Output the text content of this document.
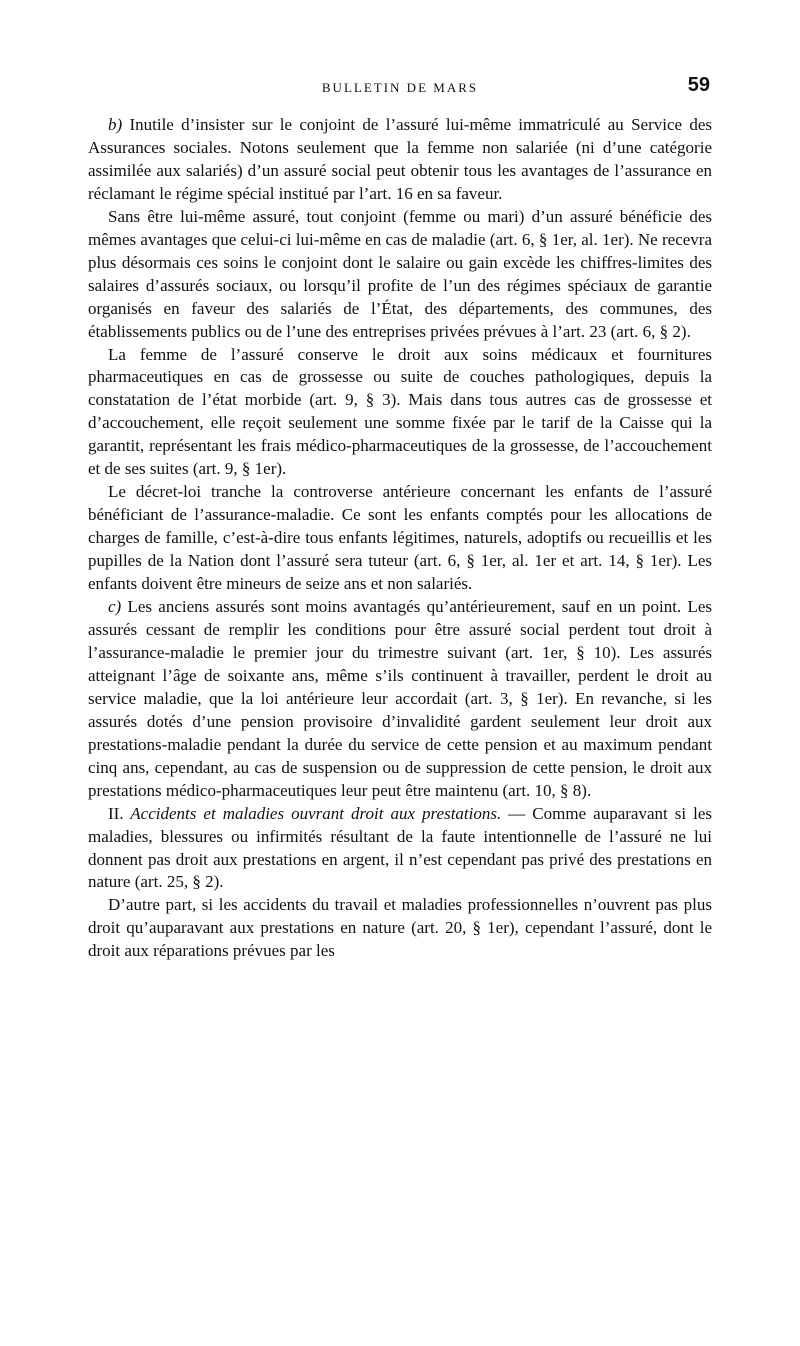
BULLETIN DE MARS	59

b) Inutile d’insister sur le conjoint de l’assuré lui-même immatriculé au Service des Assurances sociales. Notons seulement que la femme non salariée (ni d’une catégorie assimilée aux salariés) d’un assuré social peut obtenir tous les avantages de l’assurance en réclamant le régime spécial institué par l’art. 16 en sa faveur.

Sans être lui-même assuré, tout conjoint (femme ou mari) d’un assuré bénéficie des mêmes avantages que celui-ci lui-même en cas de maladie (art. 6, § 1er, al. 1er). Ne recevra plus désormais ces soins le conjoint dont le salaire ou gain excède les chiffres-limites des salaires d’assurés sociaux, ou lorsqu’il profite de l’un des régimes spéciaux de garantie organisés en faveur des salariés de l’État, des départements, des communes, des établissements publics ou de l’une des entreprises privées prévues à l’art. 23 (art. 6, § 2).

La femme de l’assuré conserve le droit aux soins médicaux et fournitures pharmaceutiques en cas de grossesse ou suite de couches pathologiques, depuis la constatation de l’état morbide (art. 9, § 3). Mais dans tous autres cas de grossesse et d’accouchement, elle reçoit seulement une somme fixée par le tarif de la Caisse qui la garantit, représentant les frais médico-pharmaceutiques de la grossesse, de l’accouchement et de ses suites (art. 9, § 1er).

Le décret-loi tranche la controverse antérieure concernant les enfants de l’assuré bénéficiant de l’assurance-maladie. Ce sont les enfants comptés pour les allocations de charges de famille, c’est-à-dire tous enfants légitimes, naturels, adoptifs ou recueillis et les pupilles de la Nation dont l’assuré sera tuteur (art. 6, § 1er, al. 1er et art. 14, § 1er). Les enfants doivent être mineurs de seize ans et non salariés.

c) Les anciens assurés sont moins avantagés qu’antérieurement, sauf en un point. Les assurés cessant de remplir les conditions pour être assuré social perdent tout droit à l’assurance-maladie le premier jour du trimestre suivant (art. 1er, § 10). Les assurés atteignant l’âge de soixante ans, même s’ils continuent à travailler, perdent le droit au service maladie, que la loi antérieure leur accordait (art. 3, § 1er). En revanche, si les assurés dotés d’une pension provisoire d’invalidité gardent seulement leur droit aux prestations-maladie pendant la durée du service de cette pension et au maximum pendant cinq ans, cependant, au cas de suspension ou de suppression de cette pension, le droit aux prestations médico-pharmaceutiques leur peut être maintenu (art. 10, § 8).

II. Accidents et maladies ouvrant droit aux prestations. — Comme auparavant si les maladies, blessures ou infirmités résultant de la faute intentionnelle de l’assuré ne lui donnent pas droit aux prestations en argent, il n’est cependant pas privé des prestations en nature (art. 25, § 2).

D’autre part, si les accidents du travail et maladies professionnelles n’ouvrent pas plus droit qu’auparavant aux prestations en nature (art. 20, § 1er), cependant l’assuré, dont le droit aux réparations prévues par les
